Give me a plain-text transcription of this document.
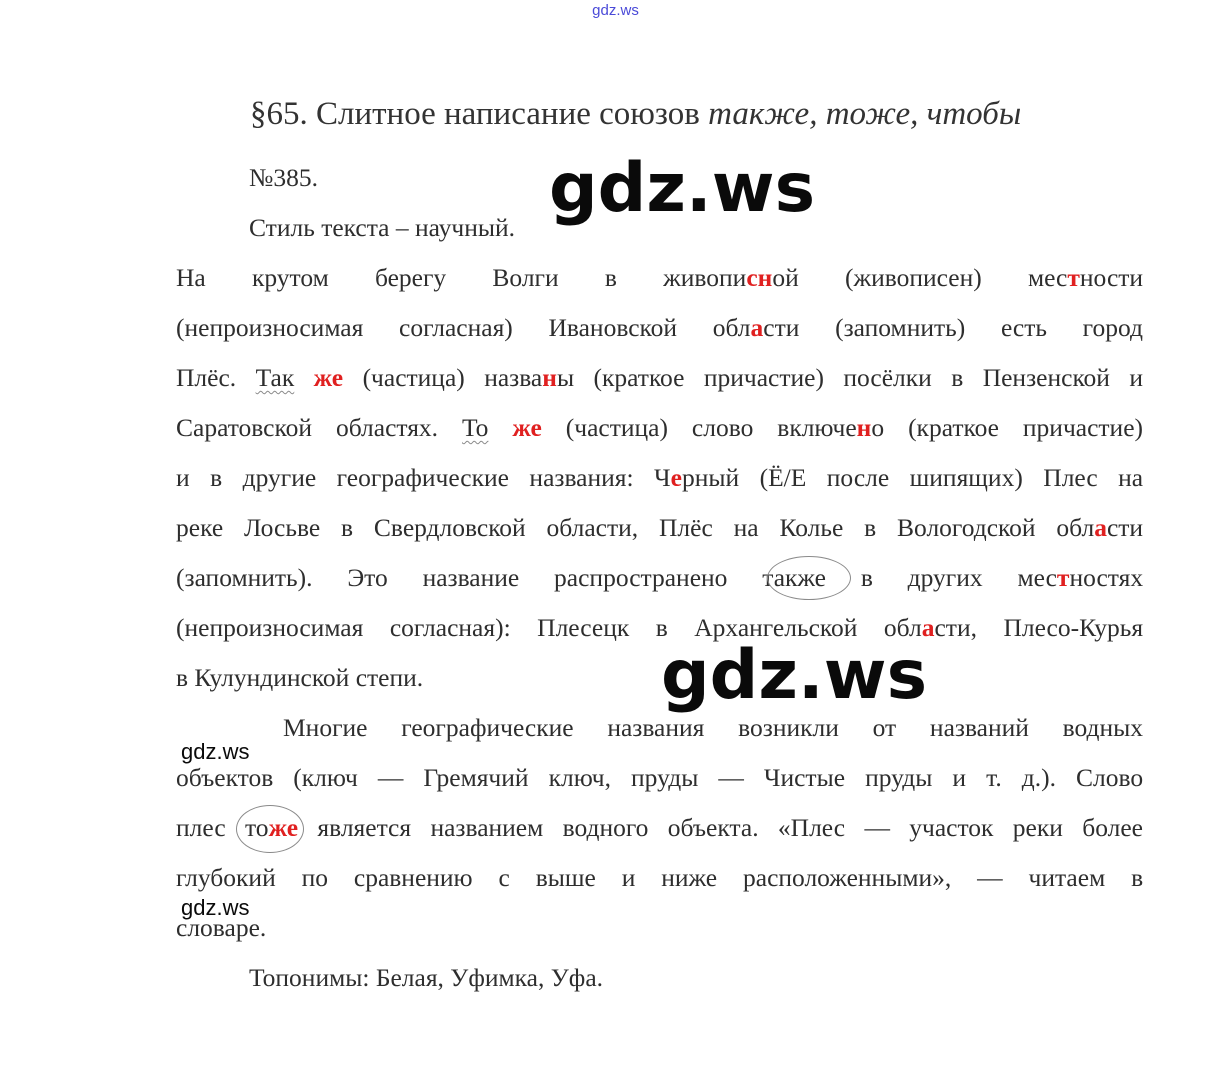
gdz.ws
§65. Слитное написание союзов также, тоже, чтобы
№385.
Стиль текста – научный.
На крутом берегу Волги в живописной (живописен) местности
(непроизносимая согласная) Ивановской области (запомнить) есть город
Плёс. Так же (частица) названы (краткое причастие) посёлки в Пензенской и
Саратовской областях. То же (частица) слово включено (краткое причастие)
и в другие географические названия: Черный (Ё/Е после шипящих) Плес на
реке Лосьве в Свердловской области, Плёс на Колье в Вологодской области
(запомнить). Это название распространено также в других местностях
(непроизносимая согласная): Плесецк в Архангельской области, Плесо-Курья
в Кулундинской степи.
Многие географические названия возникли от названий водных
объектов (ключ — Гремячий ключ, пруды — Чистые пруды и т. д.). Слово
плес тоже является названием водного объекта. «Плес — участок реки более
глубокий по сравнению с выше и ниже расположенными», — читаем в
словаре.
Топонимы: Белая, Уфимка, Уфа.
gdz.ws
gdz.ws
gdz.ws
gdz.ws
